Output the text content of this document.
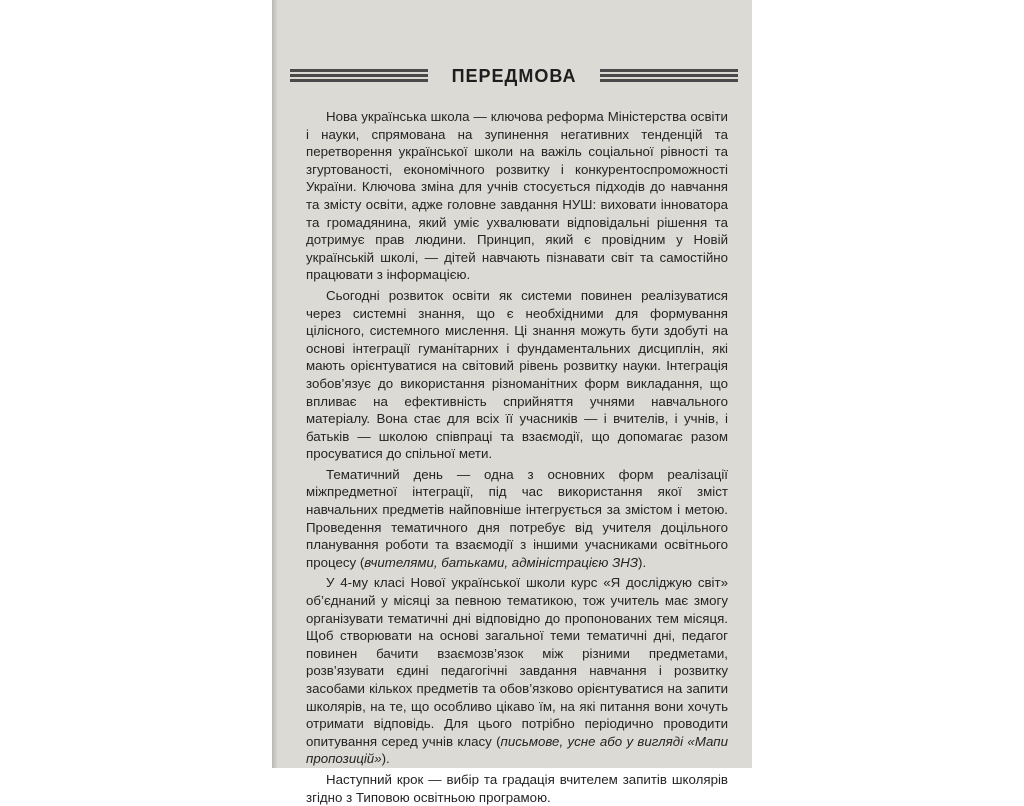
ПЕРЕДМОВА

Нова українська школа — ключова реформа Міністерства освіти і науки, спрямована на зупинення негативних тенденцій та перетворення української школи на важіль соціальної рівності та згуртованості, економічного розвитку і конкурентоспроможності України. Ключова зміна для учнів стосується підходів до навчання та змісту освіти, адже головне завдання НУШ: виховати інноватора та громадянина, який уміє ухвалювати відповідальні рішення та дотримує прав людини. Принцип, який є провідним у Новій українській школі, — дітей навчають пізнавати світ та самостійно працювати з інформацією.

Сьогодні розвиток освіти як системи повинен реалізуватися через системні знання, що є необхідними для формування цілісного, системного мислення. Ці знання можуть бути здобуті на основі інтеграції гуманітарних і фундаментальних дисциплін, які мають орієнтуватися на світовий рівень розвитку науки. Інтеграція зобов’язує до використання різноманітних форм викладання, що впливає на ефективність сприйняття учнями навчального матеріалу. Вона стає для всіх її учасників — і вчителів, і учнів, і батьків — школою співпраці та взаємодії, що допомагає разом просуватися до спільної мети.

Тематичний день — одна з основних форм реалізації міжпредметної інтеграції, під час використання якої зміст навчальних предметів найповніше інтегрується за змістом і метою. Проведення тематичного дня потребує від учителя доцільного планування роботи та взаємодії з іншими учасниками освітнього процесу (вчителями, батьками, адміністрацією ЗНЗ).

У 4-му класі Нової української школи курс «Я досліджую світ» об’єднаний у місяці за певною тематикою, тож учитель має змогу організувати тематичні дні відповідно до пропонованих тем місяця. Щоб створювати на основі загальної теми тематичні дні, педагог повинен бачити взаємозв’язок між різними предметами, розв’язувати єдині педагогічні завдання навчання і розвитку засобами кількох предметів та обов’язково орієнтуватися на запити школярів, на те, що особливо цікаво їм, на які питання вони хочуть отримати відповідь. Для цього потрібно періодично проводити опитування серед учнів класу (письмове, усне або у вигляді «Мапи пропозицій»).

Наступний крок — вибір та градація вчителем запитів школярів згідно з Типовою освітньою програмою.
